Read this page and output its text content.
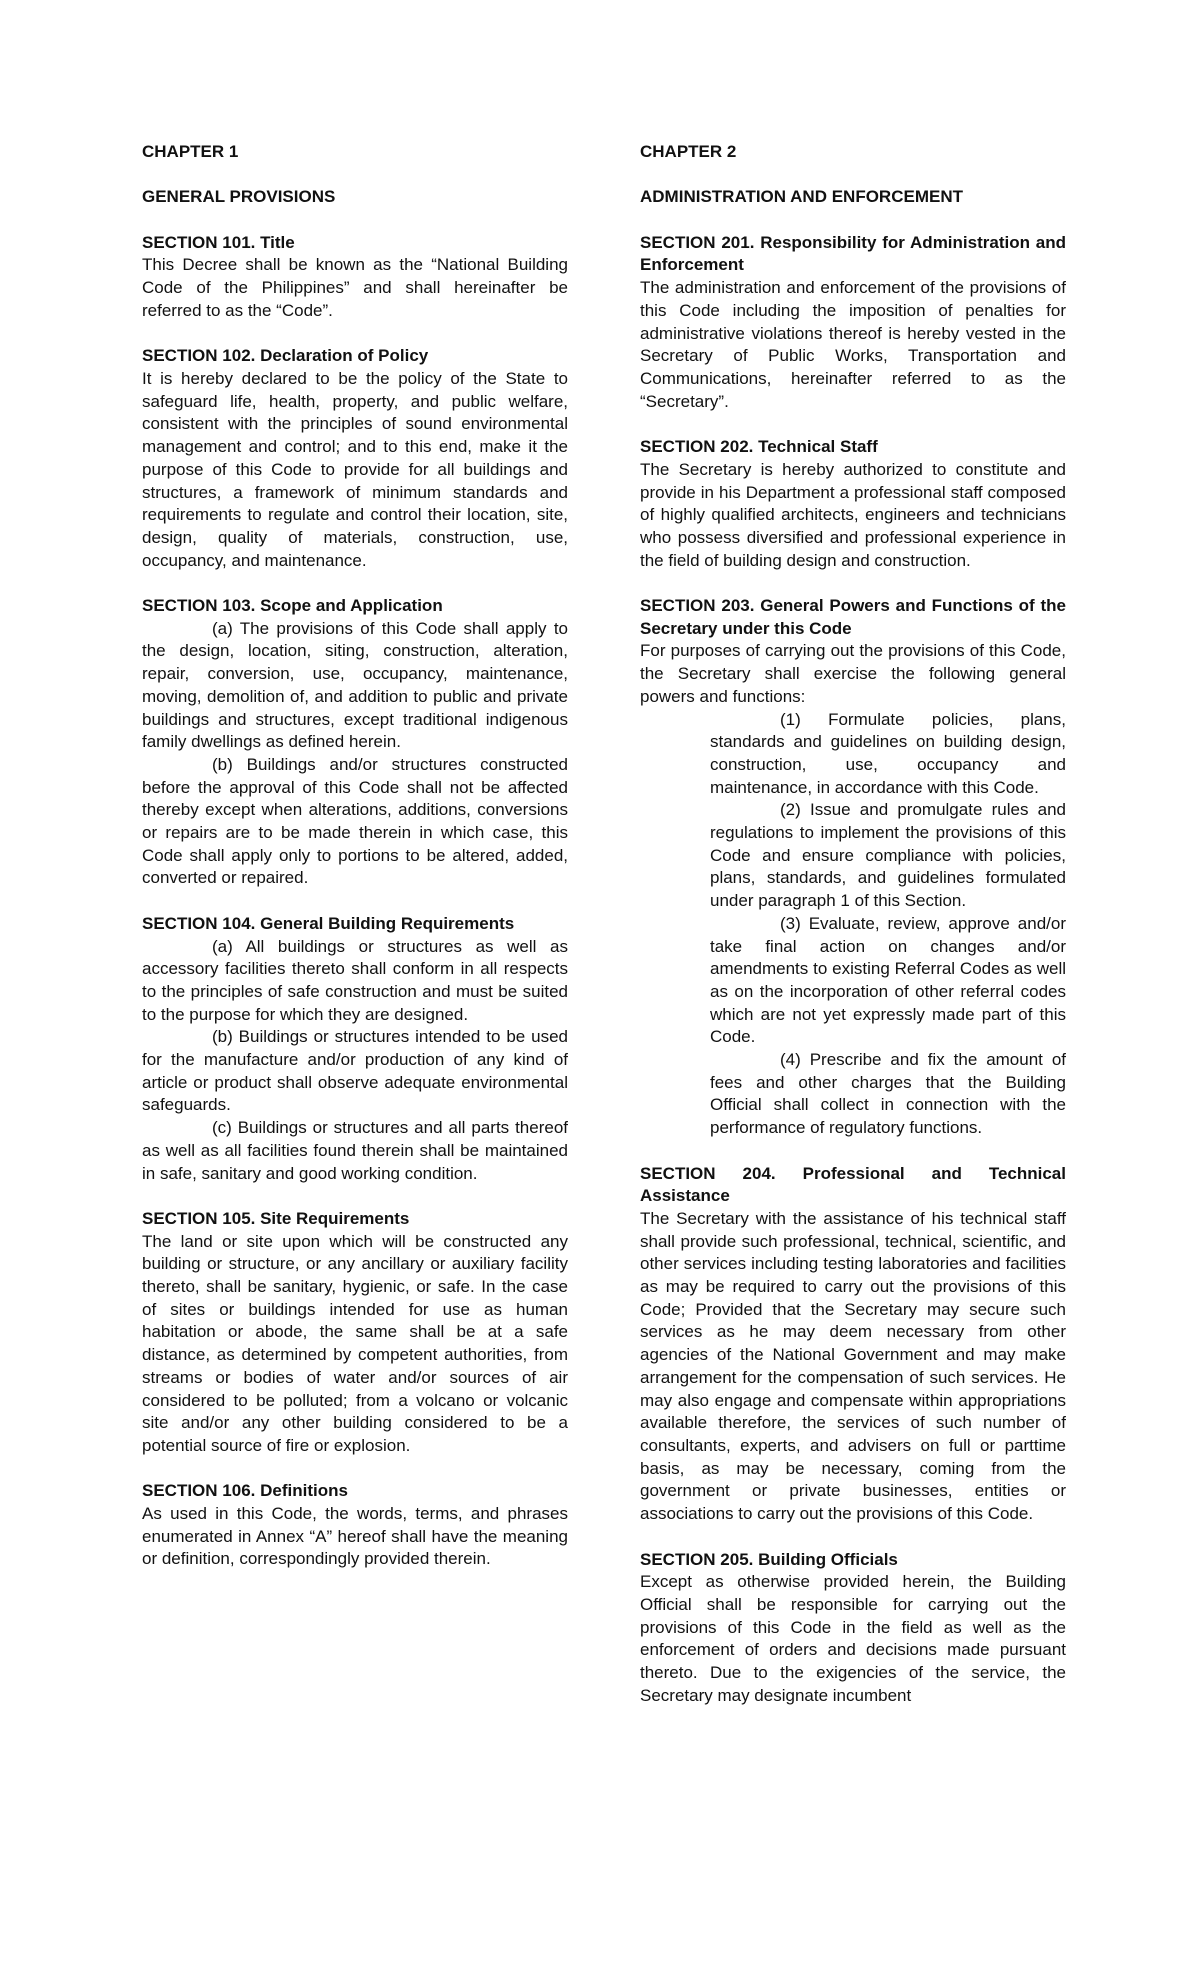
CHAPTER 1

GENERAL PROVISIONS

SECTION 101. Title

This Decree shall be known as the “National Building Code of the Philippines” and shall hereinafter be referred to as the “Code”.

SECTION 102. Declaration of Policy

It is hereby declared to be the policy of the State to safeguard life, health, property, and public welfare, consistent with the principles of sound environmental management and control; and to this end, make it the purpose of this Code to provide for all buildings and structures, a framework of minimum standards and requirements to regulate and control their location, site, design, quality of materials, construction, use, occupancy, and maintenance.

SECTION 103. Scope and Application

(a) The provisions of this Code shall apply to the design, location, siting, construction, alteration, repair, conversion, use, occupancy, maintenance, moving, demolition of, and addition to public and private buildings and structures, except traditional indigenous family dwellings as defined herein.

(b) Buildings and/or structures constructed before the approval of this Code shall not be affected thereby except when alterations, additions, conversions or repairs are to be made therein in which case, this Code shall apply only to portions to be altered, added, converted or repaired.

SECTION 104. General Building Requirements

(a) All buildings or structures as well as accessory facilities thereto shall conform in all respects to the principles of safe construction and must be suited to the purpose for which they are designed.

(b) Buildings or structures intended to be used for the manufacture and/or production of any kind of article or product shall observe adequate environmental safeguards.

(c) Buildings or structures and all parts thereof as well as all facilities found therein shall be maintained in safe, sanitary and good working condition.

SECTION 105. Site Requirements

The land or site upon which will be constructed any building or structure, or any ancillary or auxiliary facility thereto, shall be sanitary, hygienic, or safe. In the case of sites or buildings intended for use as human habitation or abode, the same shall be at a safe distance, as determined by competent authorities, from streams or bodies of water and/or sources of air considered to be polluted; from a volcano or volcanic site and/or any other building considered to be a potential source of fire or explosion.

SECTION 106. Definitions

As used in this Code, the words, terms, and phrases enumerated in Annex “A” hereof shall have the meaning or definition, correspondingly provided therein.

CHAPTER 2

ADMINISTRATION AND ENFORCEMENT

SECTION 201. Responsibility for Administration and Enforcement

The administration and enforcement of the provisions of this Code including the imposition of penalties for administrative violations thereof is hereby vested in the Secretary of Public Works, Transportation and Communications, hereinafter referred to as the “Secretary”.

SECTION 202. Technical Staff

The Secretary is hereby authorized to constitute and provide in his Department a professional staff composed of highly qualified architects, engineers and technicians who possess diversified and professional experience in the field of building design and construction.

SECTION 203. General Powers and Functions of the Secretary under this Code

For purposes of carrying out the provisions of this Code, the Secretary shall exercise the following general powers and functions:

(1) Formulate policies, plans, standards and guidelines on building design, construction, use, occupancy and maintenance, in accordance with this Code.

(2) Issue and promulgate rules and regulations to implement the provisions of this Code and ensure compliance with policies, plans, standards, and guidelines formulated under paragraph 1 of this Section.

(3) Evaluate, review, approve and/or take final action on changes and/or amendments to existing Referral Codes as well as on the incorporation of other referral codes which are not yet expressly made part of this Code.

(4) Prescribe and fix the amount of fees and other charges that the Building Official shall collect in connection with the performance of regulatory functions.

SECTION 204. Professional and Technical Assistance

The Secretary with the assistance of his technical staff shall provide such professional, technical, scientific, and other services including testing laboratories and facilities as may be required to carry out the provisions of this Code; Provided that the Secretary may secure such services as he may deem necessary from other agencies of the National Government and may make arrangement for the compensation of such services. He may also engage and compensate within appropriations available therefore, the services of such number of consultants, experts, and advisers on full or parttime basis, as may be necessary, coming from the government or private businesses, entities or associations to carry out the provisions of this Code.

SECTION 205. Building Officials

Except as otherwise provided herein, the Building Official shall be responsible for carrying out the provisions of this Code in the field as well as the enforcement of orders and decisions made pursuant thereto. Due to the exigencies of the service, the Secretary may designate incumbent
